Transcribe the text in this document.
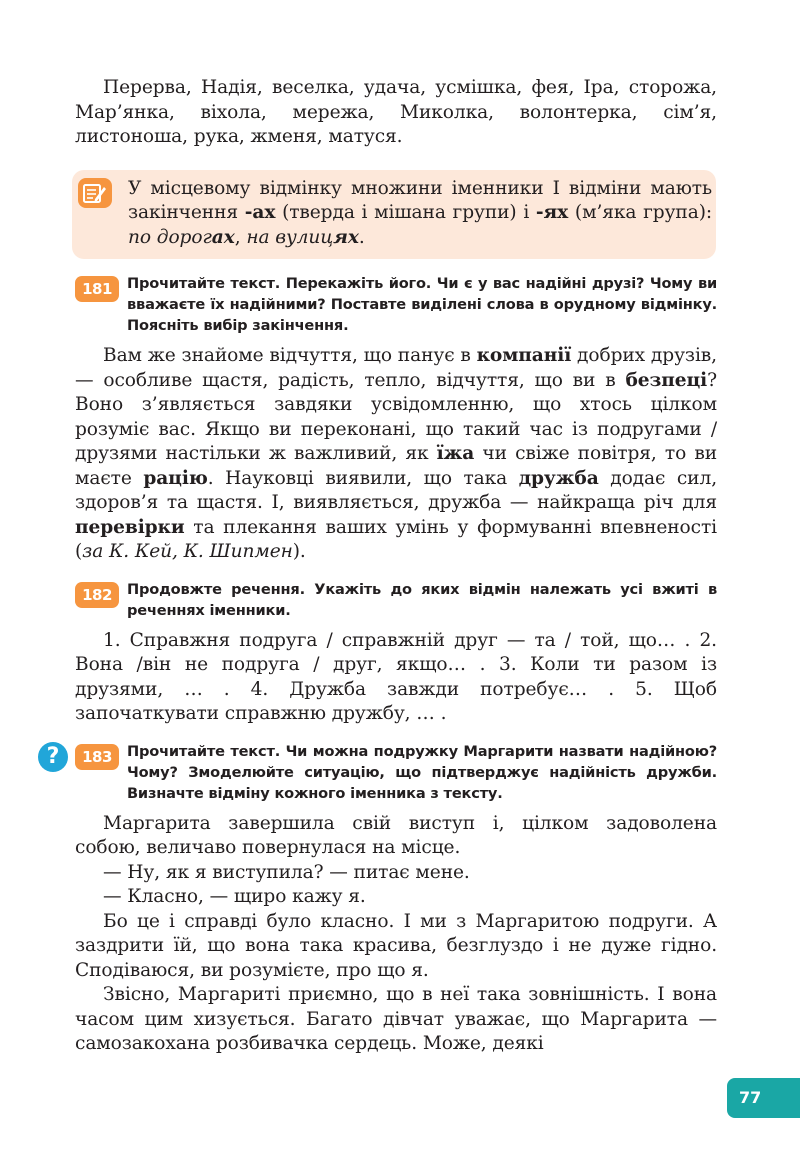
Перерва, Надія, веселка, удача, усмішка, фея, Іра, сторожа, Мар’янка, віхола, мережа, Миколка, волонтерка, сім’я, листоноша, рука, жменя, матуся.

У місцевому відмінку множини іменники І відміни мають закінчення -ах (тверда і мішана групи) і -ях (м’яка група): по дорогах, на вулицях.

181	Прочитайте текст. Перекажіть його. Чи є у вас надійні друзі? Чому ви вважаєте їх надійними? Поставте виділені слова в орудному відмінку. Поясніть вибір закінчення.

Вам же знайоме відчуття, що панує в компанії добрих друзів, — особливе щастя, радість, тепло, відчуття, що ви в безпеці? Воно з’являється завдяки усвідомленню, що хтось цілком розуміє вас. Якщо ви переконані, що такий час із подругами / друзями настільки ж важливий, як їжа чи свіже повітря, то ви маєте рацію. Науковці виявили, що така дружба додає сил, здоров’я та щастя. І, виявляється, дружба — найкраща річ для перевірки та плекання ваших умінь у формуванні впевненості (за К. Кей, К. Шипмен).

182	Продовжте речення. Укажіть до яких відмін належать усі вжиті в реченнях іменники.

1. Справжня подруга / справжній друг — та / той, що… . 2. Вона /він не подруга / друг, якщо… . 3. Коли ти разом із друзями, … . 4. Дружба завжди потребує… . 5. Щоб започаткувати справжню дружбу, … .

?	183	Прочитайте текст. Чи можна подружку Маргарити назвати надійною? Чому? Змоделюйте ситуацію, що підтверджує надійність дружби. Визначте відміну кожного іменника з тексту.

Маргарита завершила свій виступ і, цілком задоволена собою, величаво повернулася на місце.

— Ну, як я виступила? — питає мене.

— Класно, — щиро кажу я.

Бо це і справді було класно. І ми з Маргаритою подруги. А заздрити їй, що вона така красива, безглуздо і не дуже гідно. Сподіваюся, ви розумієте, про що я.

Звісно, Маргариті приємно, що в неї така зовнішність. І вона часом цим хизується. Багато дівчат уважає, що Маргарита — самозакохана розбивачка сердець. Може, деякі

77
